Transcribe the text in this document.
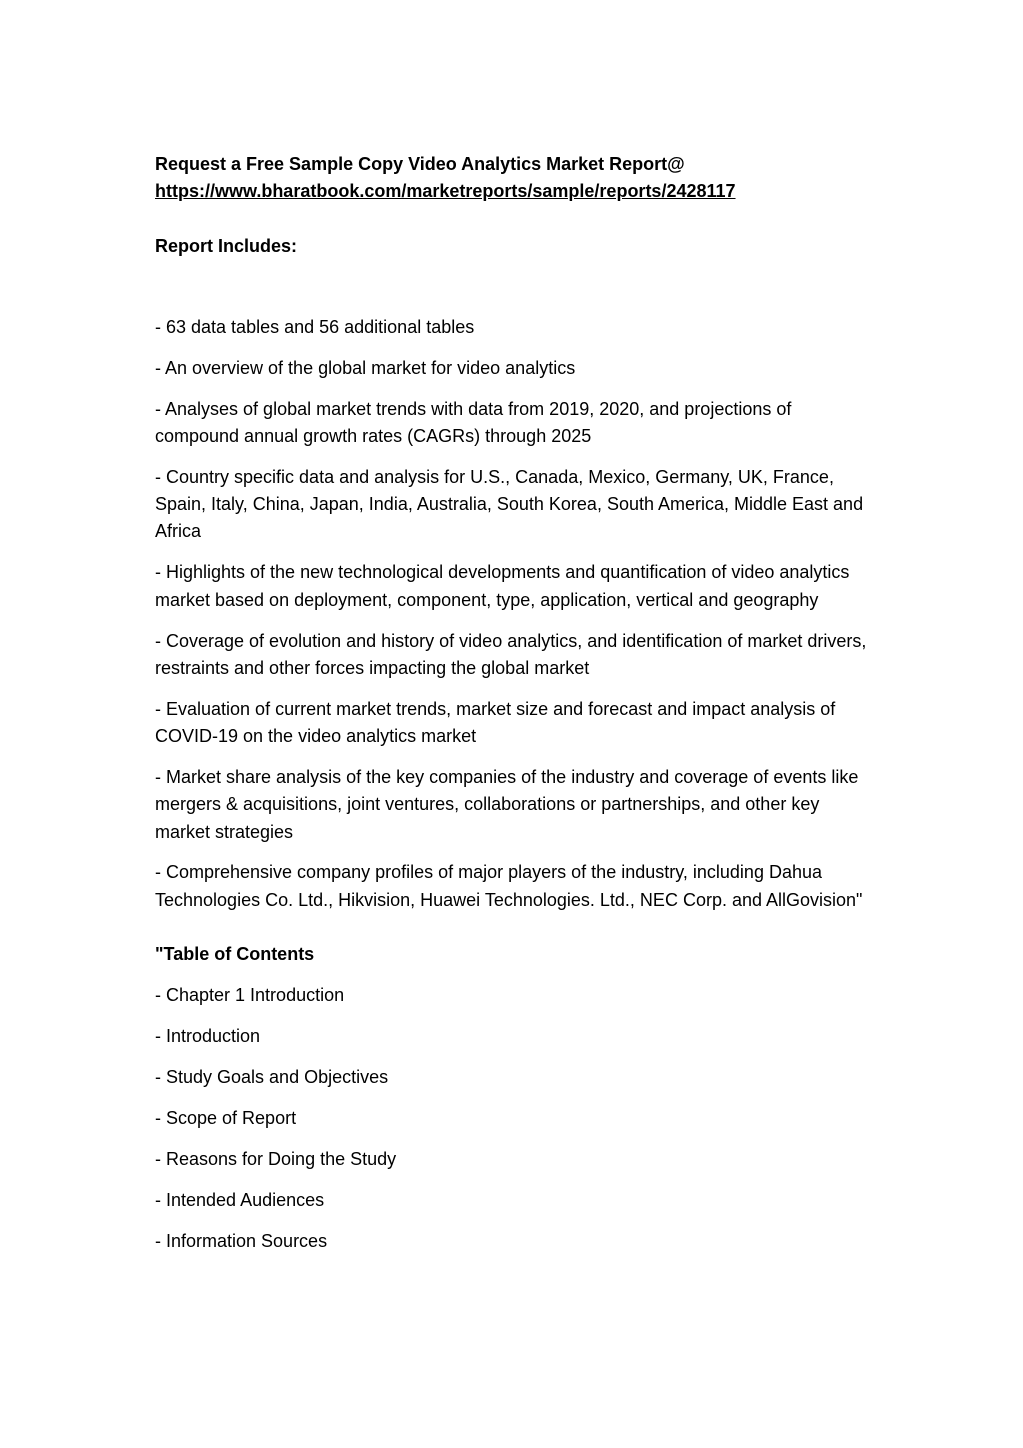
Request a Free Sample Copy Video Analytics Market Report@

https://www.bharatbook.com/marketreports/sample/reports/2428117

Report Includes:

- 63 data tables and 56 additional tables
- An overview of the global market for video analytics
- Analyses of global market trends with data from 2019, 2020, and projections of compound annual growth rates (CAGRs) through 2025
- Country specific data and analysis for U.S., Canada, Mexico, Germany, UK, France, Spain, Italy, China, Japan, India, Australia, South Korea, South America, Middle East and Africa
- Highlights of the new technological developments and quantification of video analytics market based on deployment, component, type, application, vertical and geography
- Coverage of evolution and history of video analytics, and identification of market drivers, restraints and other forces impacting the global market
- Evaluation of current market trends, market size and forecast and impact analysis of COVID-19 on the video analytics market
- Market share analysis of the key companies of the industry and coverage of events like mergers & acquisitions, joint ventures, collaborations or partnerships, and other key market strategies
- Comprehensive company profiles of major players of the industry, including Dahua Technologies Co. Ltd., Hikvision, Huawei Technologies. Ltd., NEC Corp. and AllGovision"

"Table of Contents

- Chapter 1 Introduction
- Introduction
- Study Goals and Objectives
- Scope of Report
- Reasons for Doing the Study
- Intended Audiences
- Information Sources
